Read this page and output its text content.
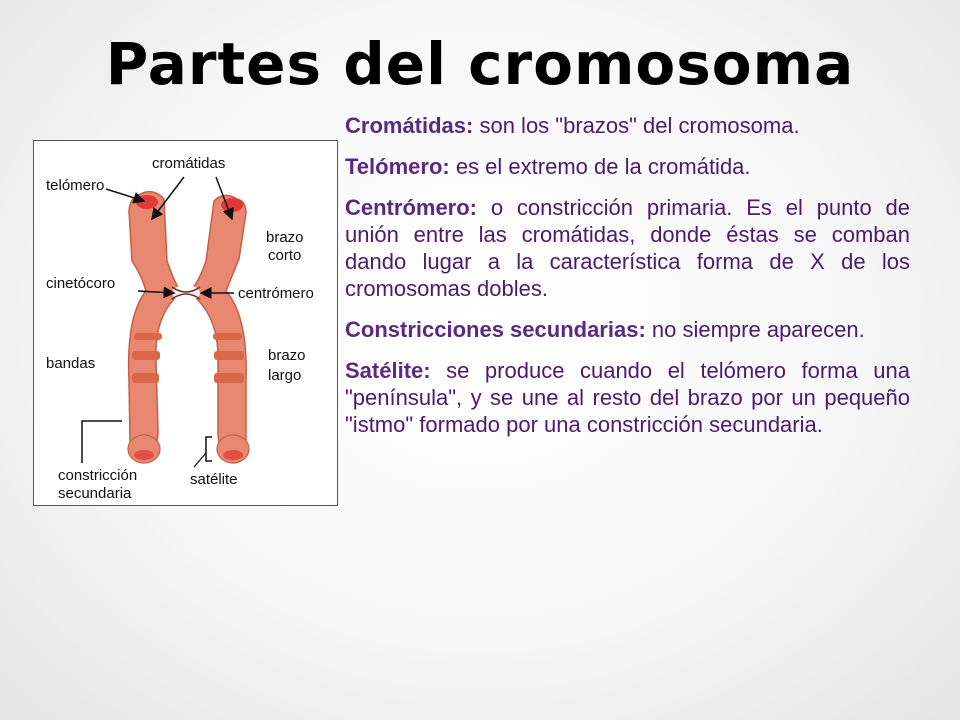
Partes del cromosoma
cromátidas
telómero
brazo
corto
cinetócoro
centrómero
bandas	brazo
largo
constricción
secundaria
satélite

Cromátidas: son los "brazos" del cromosoma.

Telómero: es el extremo de la cromátida.

Centrómero: o constricción primaria. Es el punto de unión entre las cromátidas, donde éstas se comban dando lugar a la característica forma de X de los cromosomas dobles.

Constricciones secundarias: no siempre aparecen.

Satélite: se produce cuando el telómero forma una "península", y se une al resto del brazo por un pequeño "istmo" formado por una constricción secundaria.
